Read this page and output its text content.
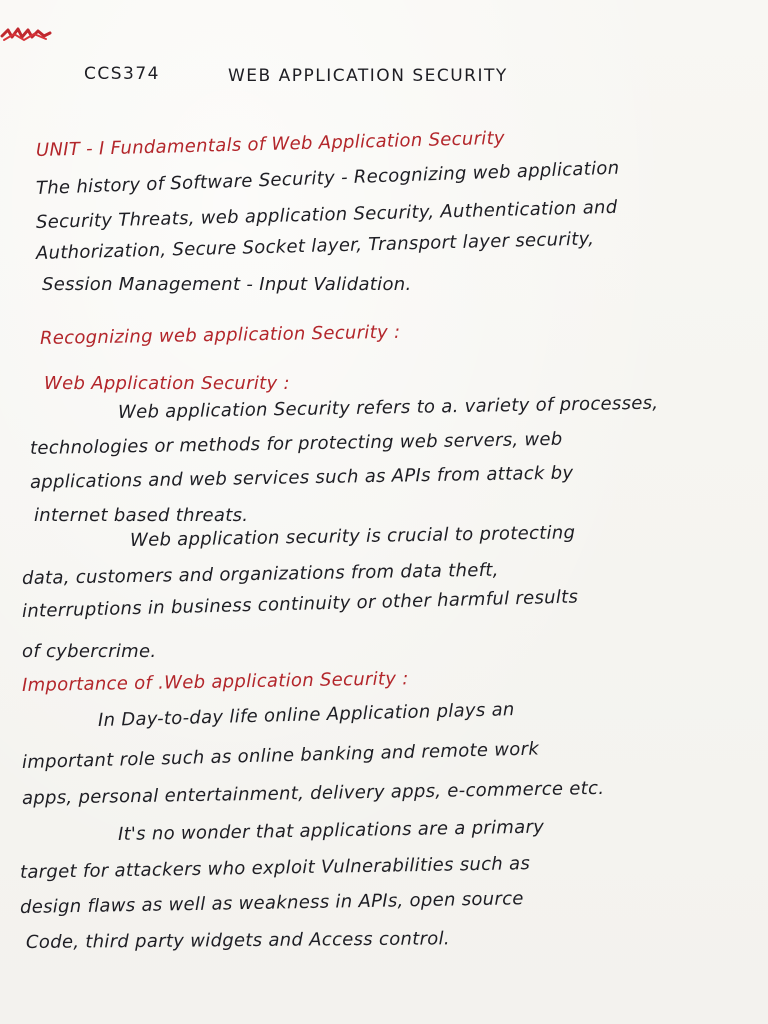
CCS374	WEB APPLICATION SECURITY
UNIT - I Fundamentals of Web Application Security
The history of Software Security - Recognizing web application
Security Threats, web application Security, Authentication and
Authorization, Secure Socket layer, Transport layer security,
Session Management - Input Validation.
Recognizing web application Security :
Web Application Security :
Web application Security refers to a. variety of processes,
technologies or methods for protecting web servers, web
applications and web services such as APIs from attack by
internet based threats.
Web application security is crucial to protecting
data, customers and organizations from data theft,
interruptions in business continuity or other harmful results
of cybercrime.
Importance of .Web application Security :
In Day-to-day life online Application plays an
important role such as online banking and remote work
apps, personal entertainment, delivery apps, e-commerce etc.
It's no wonder that applications are a primary
target for attackers who exploit Vulnerabilities such as
design flaws as well as weakness in APIs, open source
Code, third party widgets and Access control.
